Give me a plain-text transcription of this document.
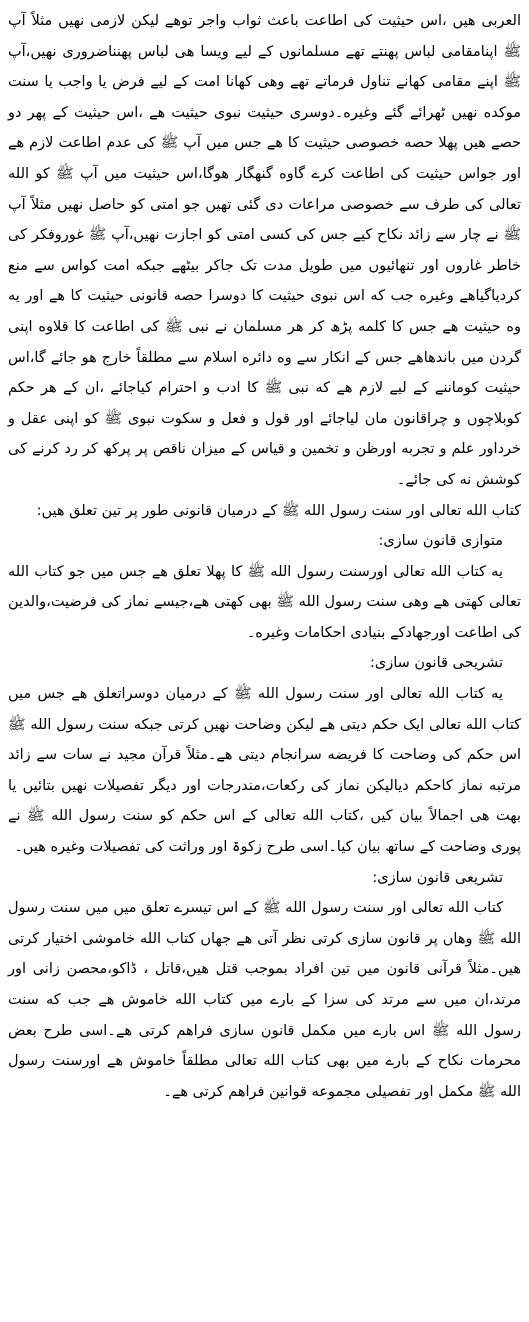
العربی هیں ،اس حیثیت کی اطاعت باعث ثواب واجر توهے لیکن لازمی نهیں مثلاً آپ ﷺ اپنامقامی لباس پهنتے تھے مسلمانوں کے لیے ویسا هی لباس پهنناضروری نهیں،آپ ﷺ اپنے مقامی کهانے تناول فرماتے تھے وهی کهانا امت کے لیے فرض یا واجب یا سنت موکده نهیں ٹھرائے گئے وغیره۔دوسری حیثیت نبوی حیثیت هے ،اس حیثیت کے پھر دو حصے هیں پهلا حصه خصوصی حیثیت کا هے جس میں آپ ﷺ کی عدم اطاعت لازم هے اور جواس حیثیت کی اطاعت کرے گاوه گنهگار هوگا،اس حیثیت میں آپ ﷺ کو الله تعالی کی طرف سے خصوصی مراعات دی گئی تھیں جو امتی کو حاصل نهیں مثلاً آپ ﷺ نے چار سے زائد نکاح کیے جس کی کسی امتی کو اجازت نهیں،آپ ﷺ غوروفکر کی خاطر غاروں اور تنهائیوں میں طویل مدت تک جاکر بیٹھے جبکه امت کواس سے منع کردیاگیاهے وغیره جب که اس نبوی حیثیت کا دوسرا حصه قانونی حیثیت کا هے اور یه وه حیثیت هے جس کا کلمه پڑھ کر هر مسلمان نے نبی ﷺ کی اطاعت کا قلاوه اپنی گردن میں باندهاهے جس کے انکار سے وه دائره اسلام سے مطلقاً خارج هو جائے گا،اس حیثیت کوماننے کے لیے لازم هے که نبی ﷺ کا ادب و احترام کیاجائے ،ان کے هر حکم کوبلاچوں و چراقانون مان لیاجائے اور قول و فعل و سکوت نبوی ﷺ کو اپنی عقل و خرداور علم و تجربه اورظن و تخمین و قیاس کے میزان ناقص پر پرکھ کر رد کرنے کی کوشش نه کی جائے۔

کتاب الله تعالی اور سنت رسول الله ﷺ کے درمیان قانونی طور پر تین تعلق هیں:

متوازی قانون سازی:

یه کتاب الله تعالی اورسنت رسول الله ﷺ کا پهلا تعلق هے جس میں جو کتاب الله تعالی کهتی هے وهی سنت رسول الله ﷺ بھی کهتی هے،جیسے نماز کی فرضیت،والدین کی اطاعت اورجهادکے بنیادی احکامات وغیره۔

تشریحی قانون سازی:

یه کتاب الله تعالی اور سنت رسول الله ﷺ کے درمیان دوسراتعلق هے جس میں کتاب الله تعالی ایک حکم دیتی هے لیکن وضاحت نهیں کرتی جبکه سنت رسول الله ﷺ اس حکم کی وضاحت کا فریضه سرانجام دیتی هے۔مثلاً قرآن مجید نے سات سے زائد مرتبه نماز کاحکم دیالیکن نماز کی رکعات،مندرجات اور دیگر تفصیلات نهیں بتائیں یا بهت هی اجمالاً بیان کیں ،کتاب الله تعالی کے اس حکم کو سنت رسول الله ﷺ نے پوری وضاحت کے ساتھ بیان کیا۔اسی طرح زکوۃ اور وراثت کی تفصیلات وغیره هیں۔

تشریعی قانون سازی:

کتاب الله تعالی اور سنت رسول الله ﷺ کے اس تیسرے تعلق میں میں سنت رسول الله ﷺ وهاں پر قانون سازی کرتی نظر آتی هے جهاں کتاب الله خاموشی اختیار کرتی هیں۔مثلاً قرآنی قانون میں تین افراد بموجب قتل هیں،قاتل ، ڈاکو،محصن زانی اور مرتد،ان میں سے مرتد کی سزا کے بارے میں کتاب الله خاموش هے جب که سنت رسول الله ﷺ اس بارے میں مکمل قانون سازی فراهم کرتی هے۔اسی طرح بعض محرمات نکاح کے بارے میں بھی کتاب الله تعالی مطلقاً خاموش هے اورسنت رسول الله ﷺ مکمل اور تفصیلی مجموعه قوانین فراهم کرتی هے۔
